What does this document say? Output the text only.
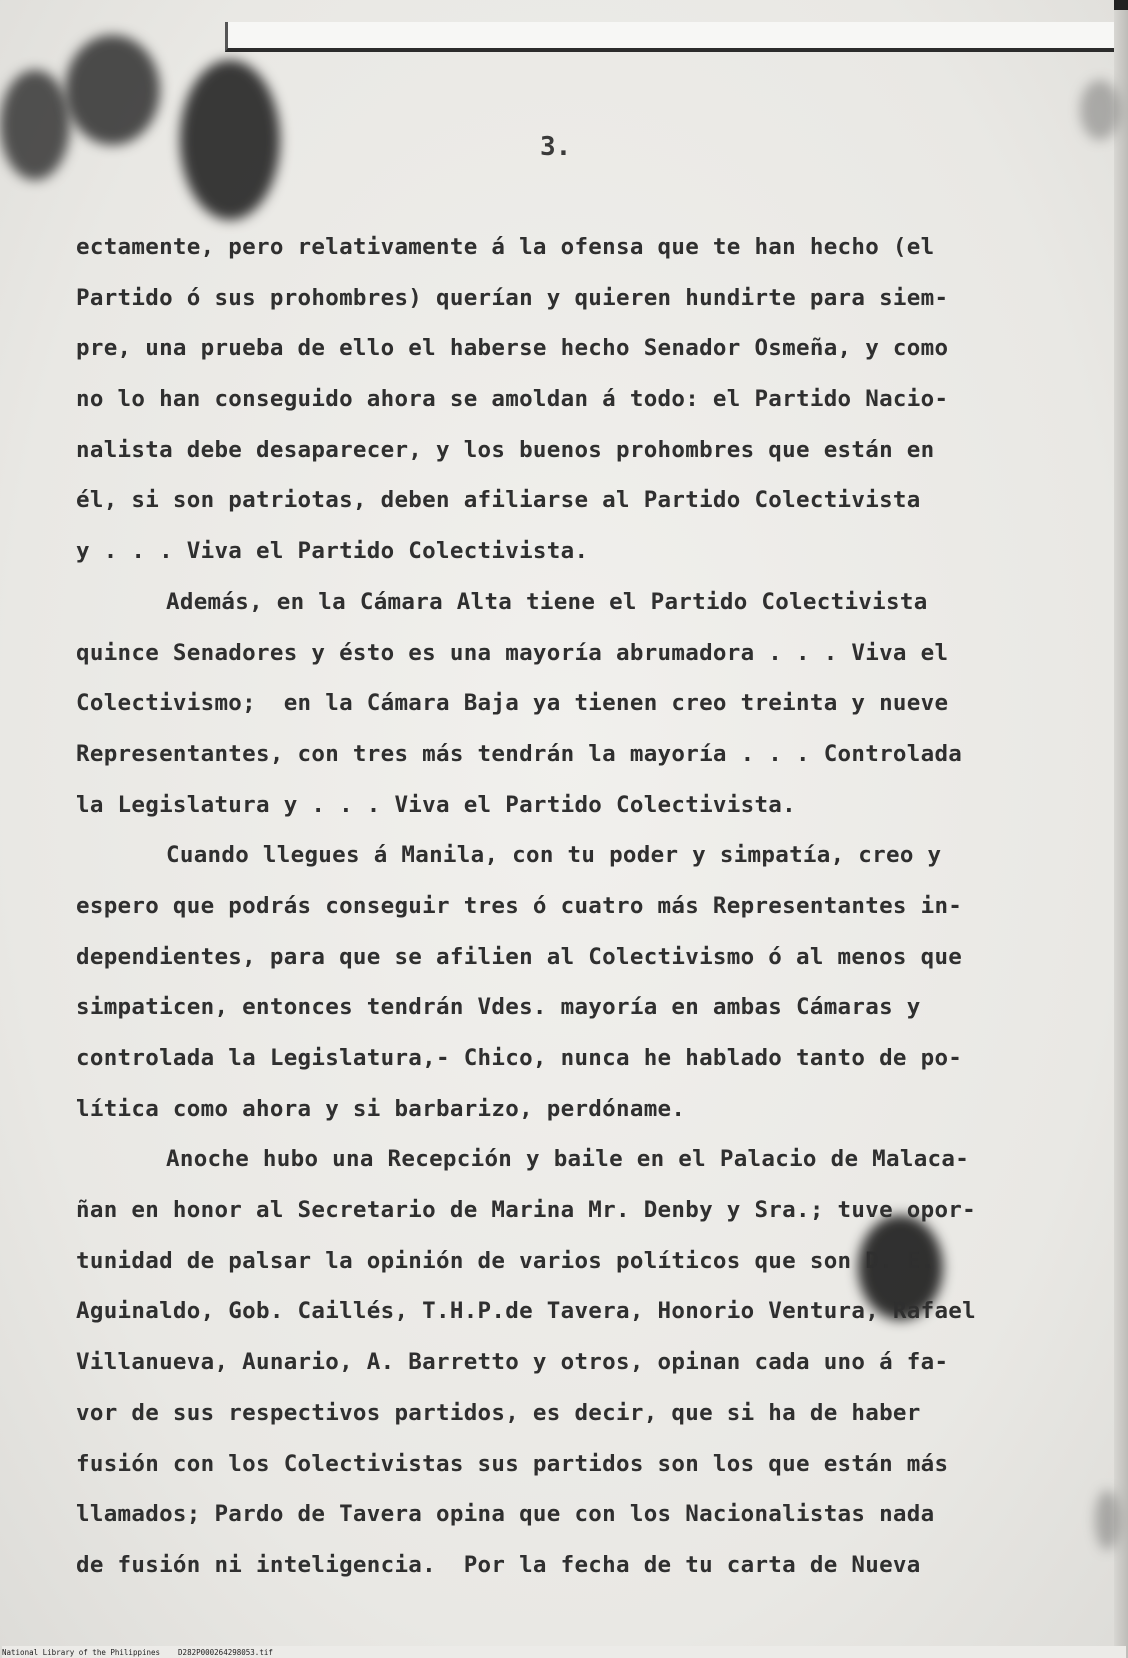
3.
ectamente, pero relativamente á la ofensa que te han hecho (el
Partido ó sus prohombres) querían y quieren hundirte para siem-
pre, una prueba de ello el haberse hecho Senador Osmeña, y como
no lo han conseguido ahora se amoldan á todo: el Partido Nacio-
nalista debe desaparecer, y los buenos prohombres que están en
él, si son patriotas, deben afiliarse al Partido Colectivista
y . . . Viva el Partido Colectivista.
Además, en la Cámara Alta tiene el Partido Colectivista
quince Senadores y ésto es una mayoría abrumadora . . . Viva el
Colectivismo;  en la Cámara Baja ya tienen creo treinta y nueve
Representantes, con tres más tendrán la mayoría . . . Controlada
la Legislatura y . . . Viva el Partido Colectivista.
Cuando llegues á Manila, con tu poder y simpatía, creo y
espero que podrás conseguir tres ó cuatro más Representantes in-
dependientes, para que se afilien al Colectivismo ó al menos que
simpaticen, entonces tendrán Vdes. mayoría en ambas Cámaras y
controlada la Legislatura,- Chico, nunca he hablado tanto de po-
lítica como ahora y si barbarizo, perdóname.
Anoche hubo una Recepción y baile en el Palacio de Malaca-
ñan en honor al Secretario de Marina Mr. Denby y Sra.; tuve opor-
tunidad de palsar la opinión de varios políticos que son D. E.
Aguinaldo, Gob. Caillés, T.H.P.de Tavera, Honorio Ventura, Rafael
Villanueva, Aunario, A. Barretto y otros, opinan cada uno á fa-
vor de sus respectivos partidos, es decir, que si ha de haber
fusión con los Colectivistas sus partidos son los que están más
llamados; Pardo de Tavera opina que con los Nacionalistas nada
de fusión ni inteligencia.  Por la fecha de tu carta de Nueva
National Library of the Philippines D282P000264298053.tif
